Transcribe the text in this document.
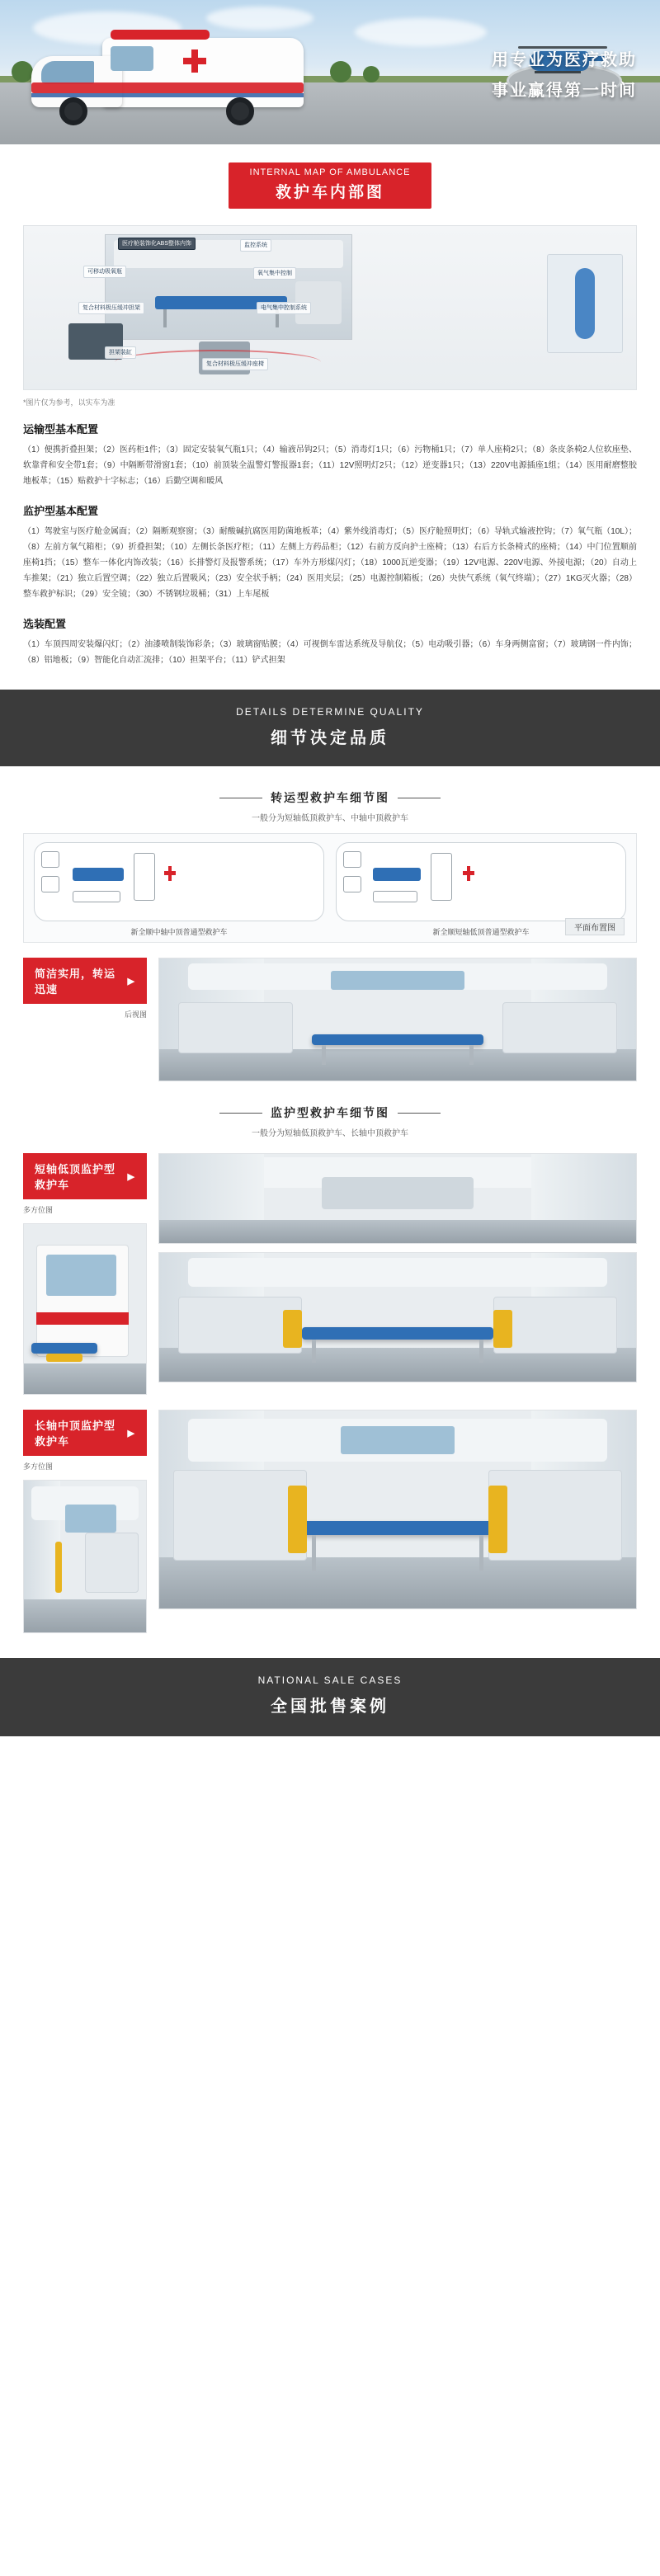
用专业为医疗救助
事业赢得第一时间
INTERNAL MAP OF AMBULANCE
救护车内部图
医疗舱装饰化ABS整体内饰	监控系统
可移动吸氧瓶	氧气集中控制
复合材料极压缓冲担架	电气集中控制系统
担架装缸
复合材料极压缓冲座椅
*图片仅为参考，以实车为准
运输型基本配置

（1）便携折叠担架；（2）医药柜1件；（3）固定安装氧气瓶1只；（4）输液吊钩2只；（5）消毒灯1只；（6）污物桶1只；（7）单人座椅2只；（8）条皮条椅2人位软座垫、软靠背和安全带1套；（9）中隔断带滑窗1套；（10）前顶装全温警灯警报器1套；（11）12V照明灯2只；（12）逆变器1只；（13）220V电源插座1组；（14）医用耐磨整胶地板革；（15）贴救护十字标志；（16）后勤空调和暖风

监护型基本配置

（1）驾驶室与医疗舱金属面；（2）隔断观察窗；（3）耐酸碱抗腐医用防菌地板革；（4）紫外线消毒灯；（5）医疗舱照明灯；（6）导轨式输液控钩；（7）氧气瓶（10L）；（8）左前方氧气箱柜；（9）折叠担架；（10）左侧长条医疗柜；（11）左侧上方药品柜；（12）右前方反向护士座椅；（13）右后方长条椅式的座椅；（14）中门位置顺前座椅1挡；（15）整车一体化内饰改装；（16）长排警灯及报警系统；（17）车外方形煤闪灯；（18）1000瓦逆变器；（19）12V电源、220V电源、外接电源；（20）自动上车推架；（21）独立后置空调；（22）独立后置吸风；（23）安全状手柄；（24）医用夹层；（25）电源控制箱板；（26）央快气系统（氧气终端）；（27）1KG灭火器；（28）整车救护标识；（29）安全镜；（30）不锈钢垃圾桶；（31）上车尾板

选装配置

（1）车顶四周安装爆闪灯；（2）油漆喷制装饰彩条；（3）玻璃窗贴膜；（4）可视倒车雷达系统及导航仪；（5）电动吸引器；（6）车身两侧富窗；（7）玻璃钢一件内饰；（8）铝地板；（9）智能化自动汇流排；（10）担架平台；（11）铲式担架

DETAILS DETERMINE QUALITY
细节决定品质
转运型救护车细节图
一般分为短轴低顶救护车、中轴中顶救护车
新全顺中轴中顶普通型救护车	新全顺短轴低顶普通型救护车	平面布置图
简洁实用，转运迅速
▶
后视图
监护型救护车细节图
一般分为短轴低顶救护车、长轴中顶救护车
短轴低顶监护型救护车
▶
多方位图
长轴中顶监护型救护车
▶
多方位图
NATIONAL SALE CASES
全国批售案例
